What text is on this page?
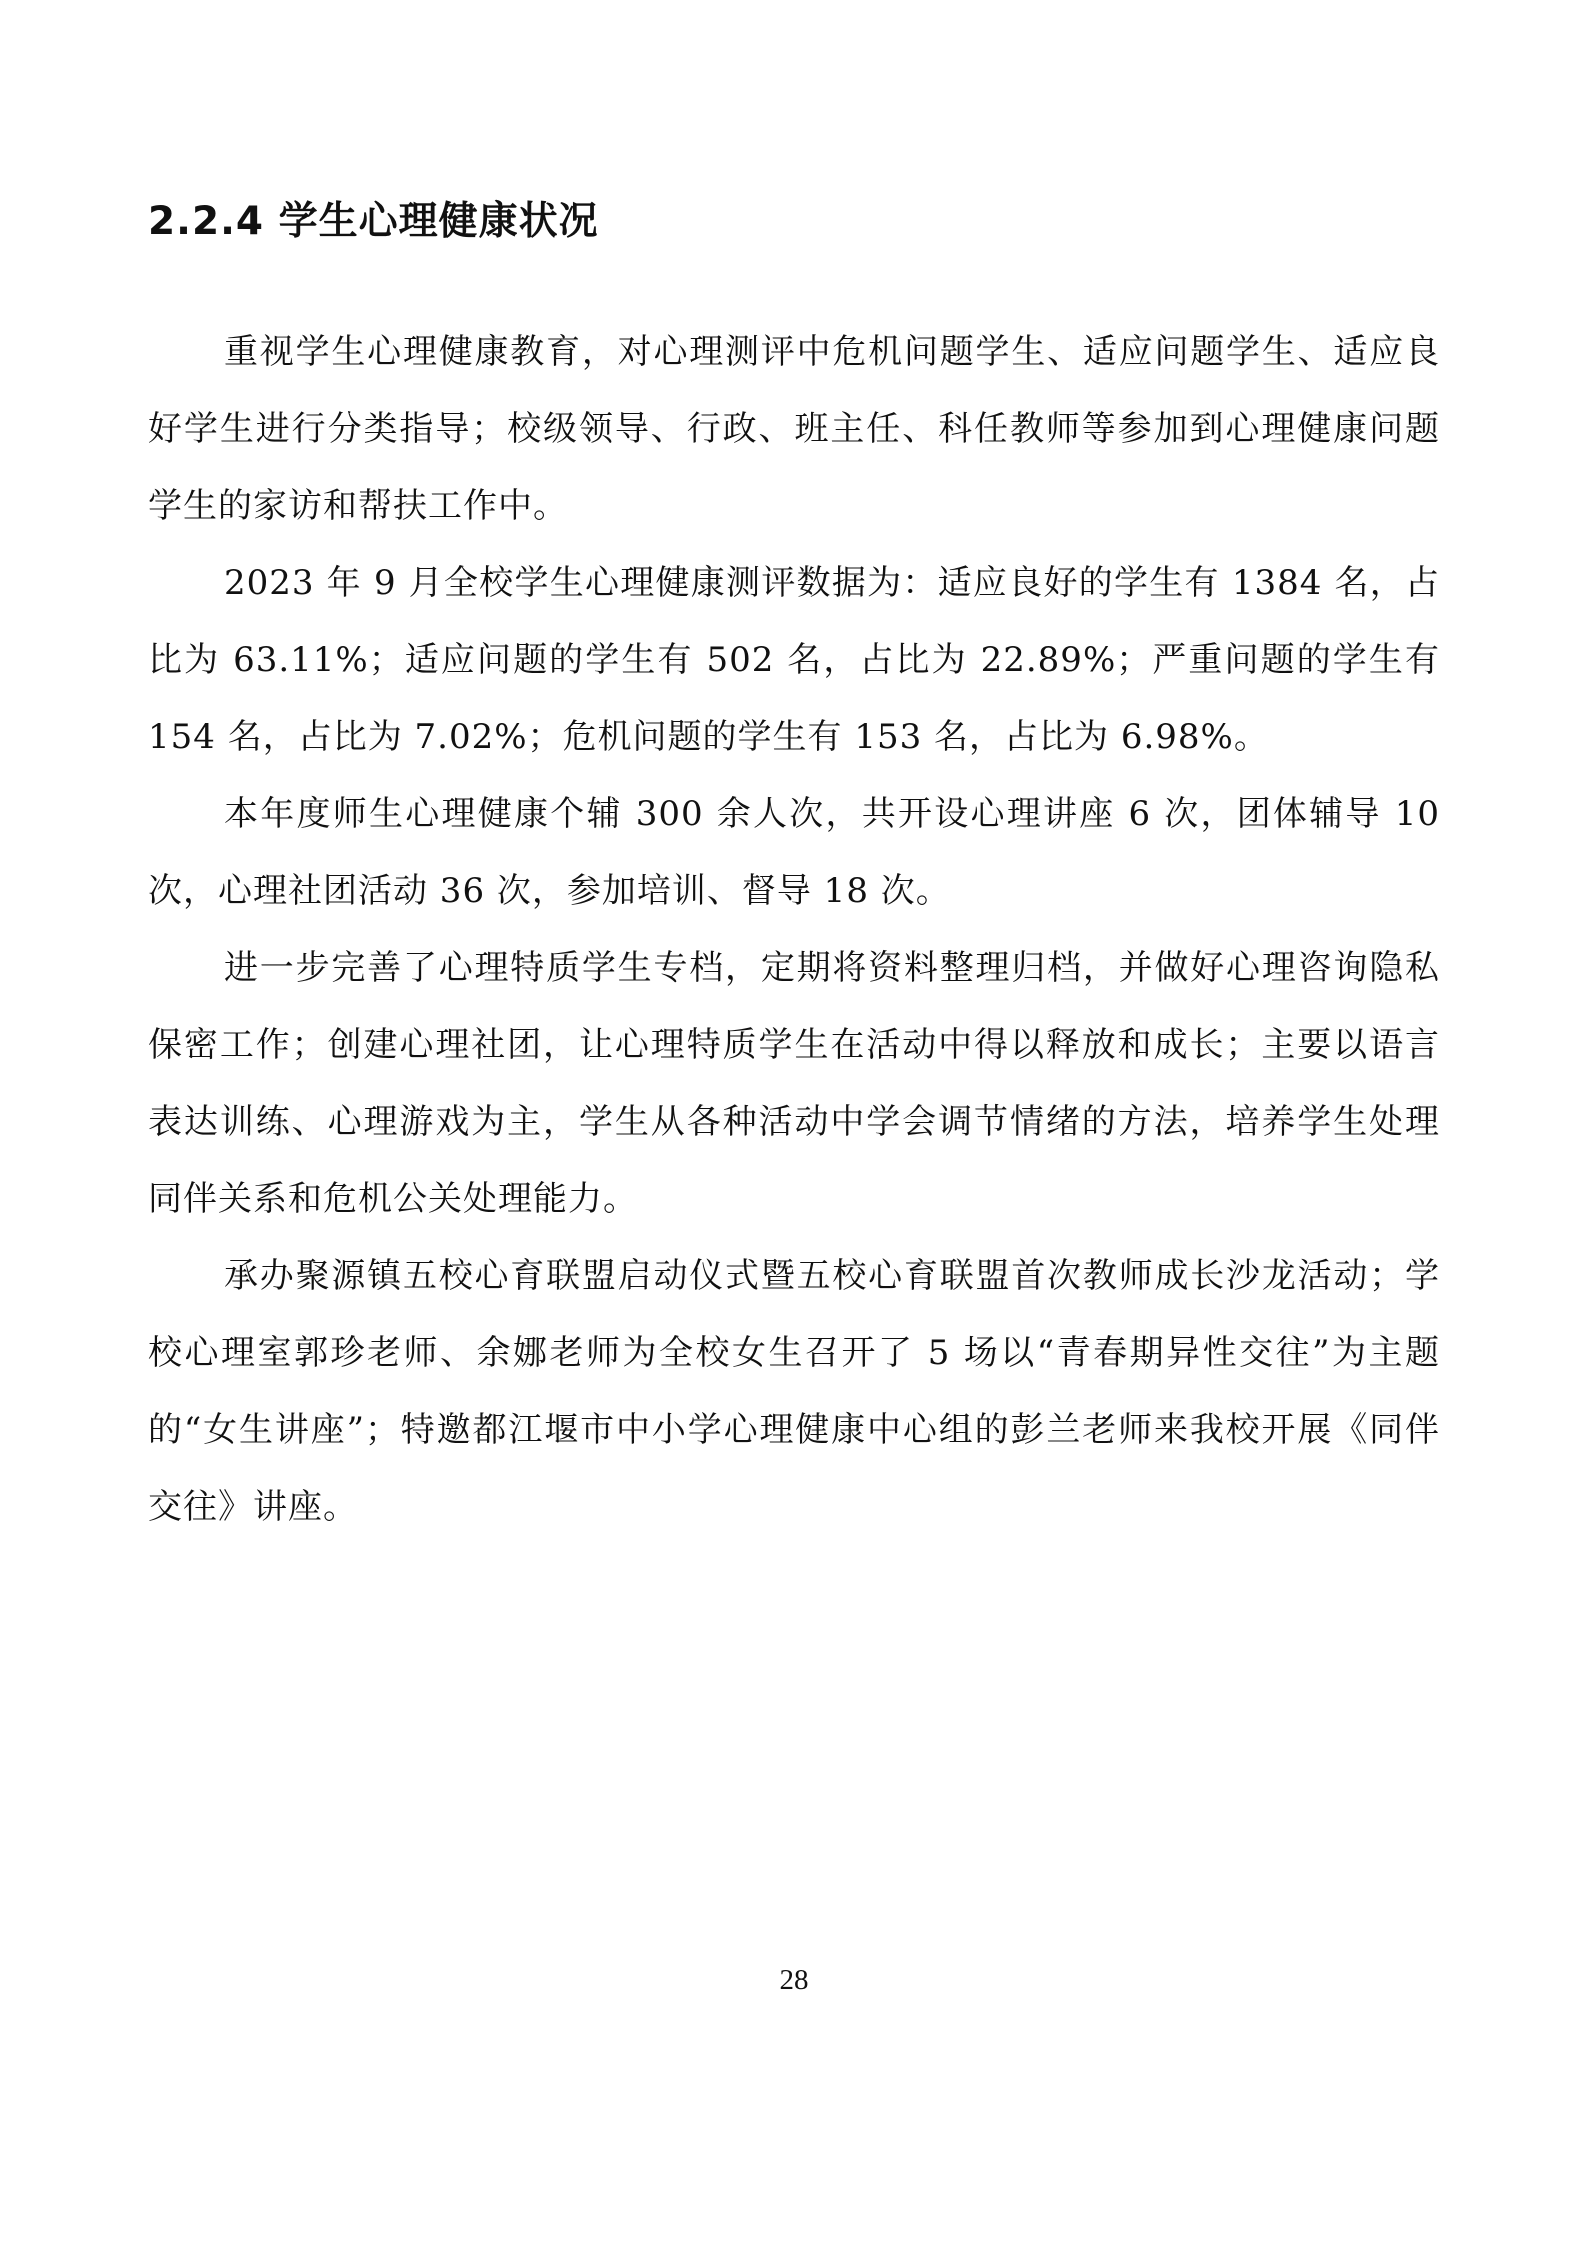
2.2.4 学生心理健康状况

重视学生心理健康教育，对心理测评中危机问题学生、适应问题学生、适应良好学生进行分类指导；校级领导、行政、班主任、科任教师等参加到心理健康问题学生的家访和帮扶工作中。

2023 年 9 月全校学生心理健康测评数据为：适应良好的学生有 1384 名，占比为 63.11%；适应问题的学生有 502 名，占比为 22.89%；严重问题的学生有 154 名，占比为 7.02%；危机问题的学生有 153 名，占比为 6.98%。

本年度师生心理健康个辅 300 余人次，共开设心理讲座 6 次，团体辅导 10 次，心理社团活动 36 次，参加培训、督导 18 次。

进一步完善了心理特质学生专档，定期将资料整理归档，并做好心理咨询隐私保密工作；创建心理社团，让心理特质学生在活动中得以释放和成长；主要以语言表达训练、心理游戏为主，学生从各种活动中学会调节情绪的方法，培养学生处理同伴关系和危机公关处理能力。

承办聚源镇五校心育联盟启动仪式暨五校心育联盟首次教师成长沙龙活动；学校心理室郭珍老师、余娜老师为全校女生召开了 5 场以“青春期异性交往”为主题的“女生讲座”；特邀都江堰市中小学心理健康中心组的彭兰老师来我校开展《同伴交往》讲座。

28
